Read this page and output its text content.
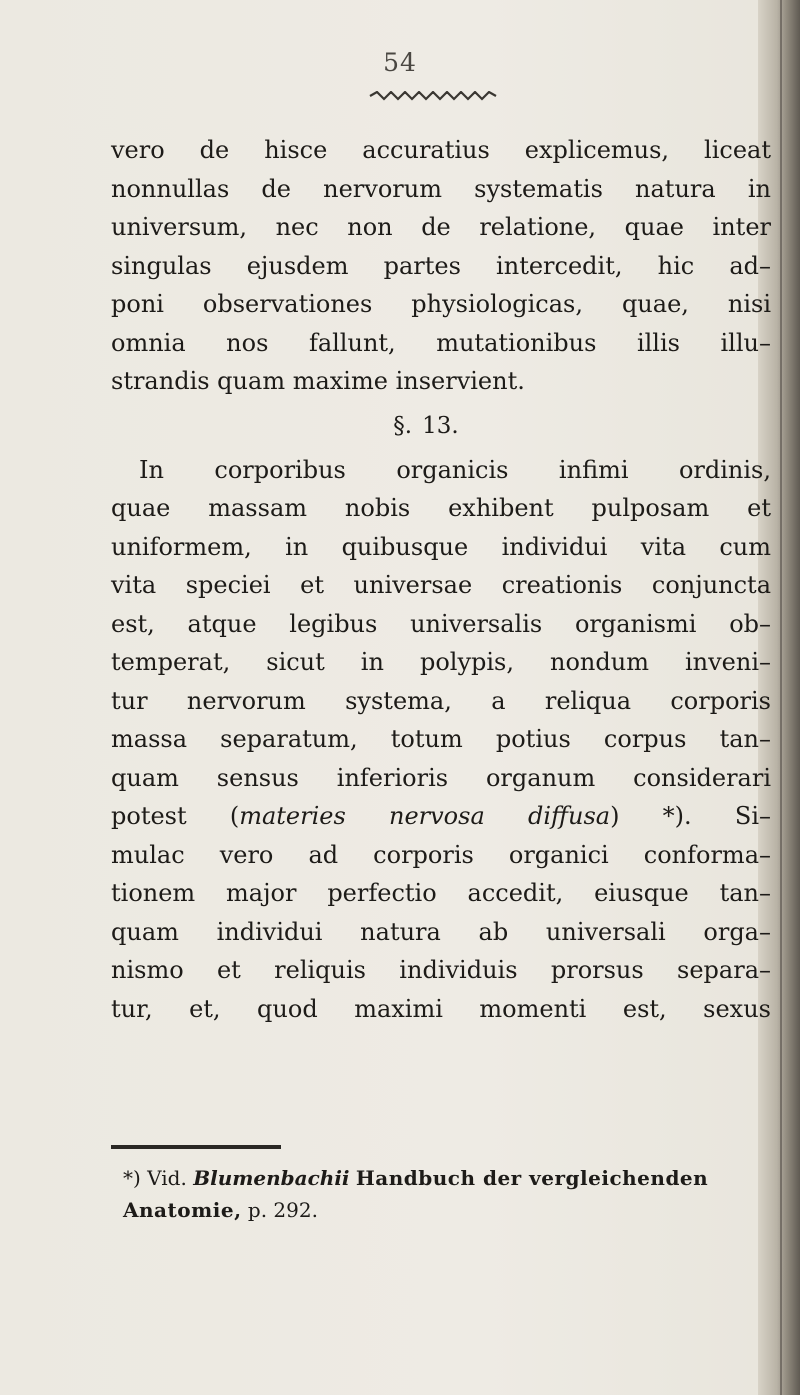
54
vero de hisce accuratius explicemus, liceat
nonnullas de nervorum systematis natura in
universum, nec non de relatione, quae inter
singulas ejusdem partes intercedit, hic ad–
poni observationes physiologicas, quae, nisi
omnia nos fallunt, mutationibus illis illu–
strandis quam maxime inservient.
§. 13.
In corporibus organicis infimi ordinis,
quae massam nobis exhibent pulposam et
uniformem, in quibusque individui vita cum
vita speciei et universae creationis conjuncta
est, atque legibus universalis organismi ob–
temperat, sicut in polypis, nondum inveni–
tur nervorum systema, a reliqua corporis
massa separatum, totum potius corpus tan–
quam sensus inferioris organum considerari
potest (materies nervosa diffusa) *). Si–
mulac vero ad corporis organici conforma–
tionem major perfectio accedit, eiusque tan–
quam individui natura ab universali orga–
nismo et reliquis individuis prorsus separa–
tur, et, quod maximi momenti est, sexus
*) Vid. Blumenbachii Handbuch der vergleichenden
Anatomie, p. 292.
